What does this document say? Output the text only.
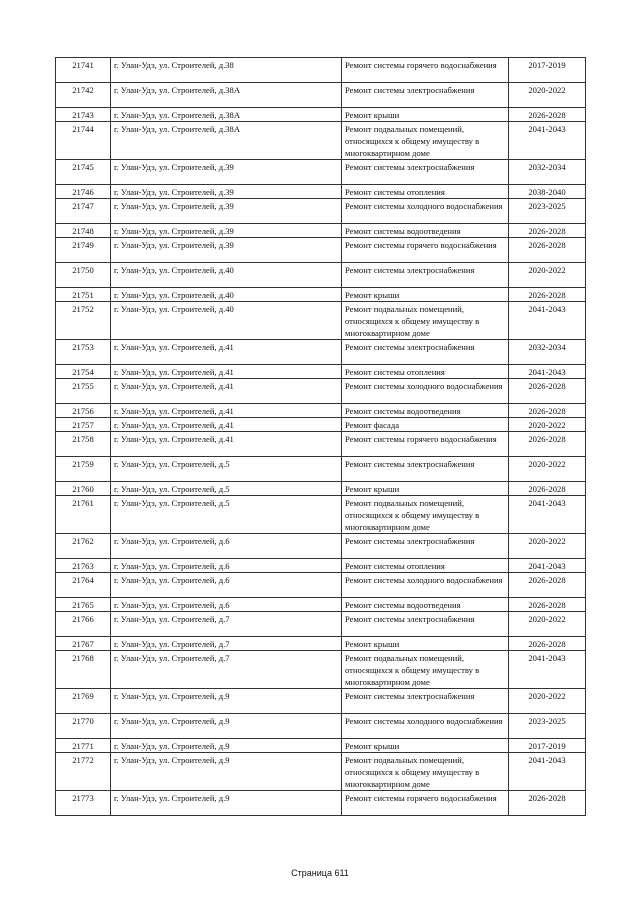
21741	г. Улан-Удэ, ул. Строителей, д.38	Ремонт системы горячего водоснабжения	2017-2019
21742	г. Улан-Удэ, ул. Строителей, д.38А	Ремонт системы электроснабжения	2020-2022
21743	г. Улан-Удэ, ул. Строителей, д.38А	Ремонт крыши	2026-2028
21744	г. Улан-Удэ, ул. Строителей, д.38А	Ремонт подвальных помещений, относящихся к общему имуществу в многоквартирном доме	2041-2043
21745	г. Улан-Удэ, ул. Строителей, д.39	Ремонт системы электроснабжения	2032-2034
21746	г. Улан-Удэ, ул. Строителей, д.39	Ремонт системы отопления	2038-2040
21747	г. Улан-Удэ, ул. Строителей, д.39	Ремонт системы холодного водоснабжения	2023-2025
21748	г. Улан-Удэ, ул. Строителей, д.39	Ремонт системы водоотведения	2026-2028
21749	г. Улан-Удэ, ул. Строителей, д.39	Ремонт системы горячего водоснабжения	2026-2028
21750	г. Улан-Удэ, ул. Строителей, д.40	Ремонт системы электроснабжения	2020-2022
21751	г. Улан-Удэ, ул. Строителей, д.40	Ремонт крыши	2026-2028
21752	г. Улан-Удэ, ул. Строителей, д.40	Ремонт подвальных помещений, относящихся к общему имуществу в многоквартирном доме	2041-2043
21753	г. Улан-Удэ, ул. Строителей, д.41	Ремонт системы электроснабжения	2032-2034
21754	г. Улан-Удэ, ул. Строителей, д.41	Ремонт системы отопления	2041-2043
21755	г. Улан-Удэ, ул. Строителей, д.41	Ремонт системы холодного водоснабжения	2026-2028
21756	г. Улан-Удэ, ул. Строителей, д.41	Ремонт системы водоотведения	2026-2028
21757	г. Улан-Удэ, ул. Строителей, д.41	Ремонт фасада	2020-2022
21758	г. Улан-Удэ, ул. Строителей, д.41	Ремонт системы горячего водоснабжения	2026-2028
21759	г. Улан-Удэ, ул. Строителей, д.5	Ремонт системы электроснабжения	2020-2022
21760	г. Улан-Удэ, ул. Строителей, д.5	Ремонт крыши	2026-2028
21761	г. Улан-Удэ, ул. Строителей, д.5	Ремонт подвальных помещений, относящихся к общему имуществу в многоквартирном доме	2041-2043
21762	г. Улан-Удэ, ул. Строителей, д.6	Ремонт системы электроснабжения	2020-2022
21763	г. Улан-Удэ, ул. Строителей, д.6	Ремонт системы отопления	2041-2043
21764	г. Улан-Удэ, ул. Строителей, д.6	Ремонт системы холодного водоснабжения	2026-2028
21765	г. Улан-Удэ, ул. Строителей, д.6	Ремонт системы водоотведения	2026-2028
21766	г. Улан-Удэ, ул. Строителей, д.7	Ремонт системы электроснабжения	2020-2022
21767	г. Улан-Удэ, ул. Строителей, д.7	Ремонт крыши	2026-2028
21768	г. Улан-Удэ, ул. Строителей, д.7	Ремонт подвальных помещений, относящихся к общему имуществу в многоквартирном доме	2041-2043
21769	г. Улан-Удэ, ул. Строителей, д.9	Ремонт системы электроснабжения	2020-2022
21770	г. Улан-Удэ, ул. Строителей, д.9	Ремонт системы холодного водоснабжения	2023-2025
21771	г. Улан-Удэ, ул. Строителей, д.9	Ремонт крыши	2017-2019
21772	г. Улан-Удэ, ул. Строителей, д.9	Ремонт подвальных помещений, относящихся к общему имуществу в многоквартирном доме	2041-2043
21773	г. Улан-Удэ, ул. Строителей, д.9	Ремонт системы горячего водоснабжения	2026-2028
Страница 611
